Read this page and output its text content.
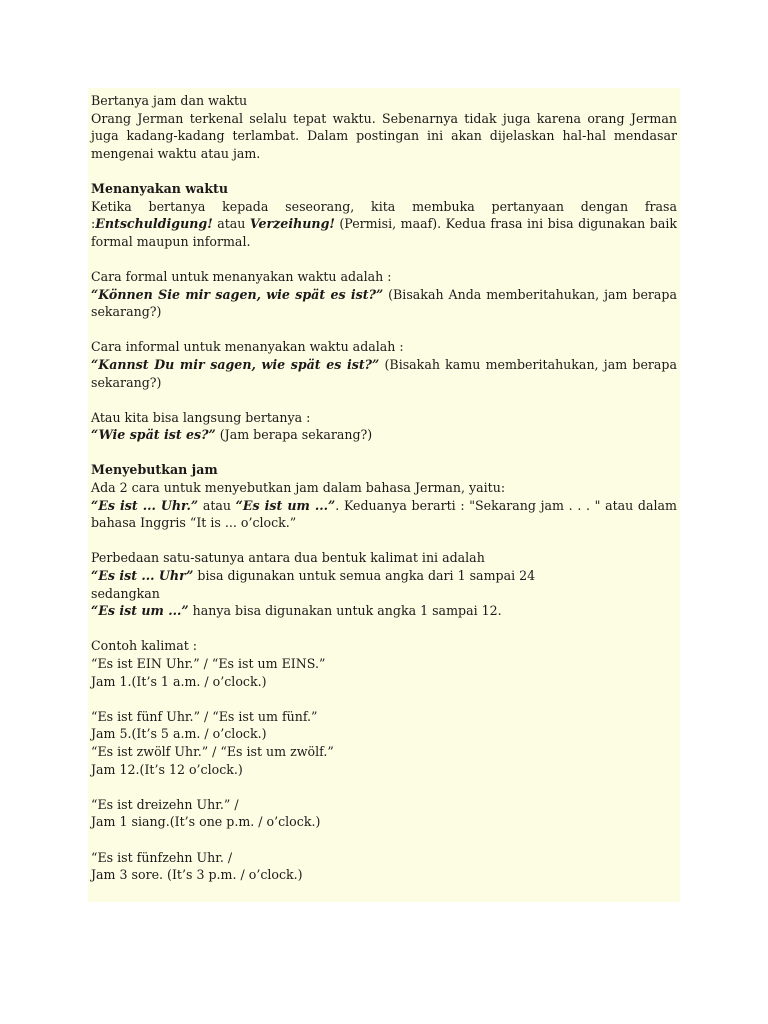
Bertanya jam dan waktu
Orang Jerman terkenal selalu tepat waktu. Sebenarnya tidak juga karena orang Jerman
juga kadang-kadang terlambat. Dalam postingan ini akan dijelaskan hal-hal mendasar
mengenai waktu atau jam.
Menanyakan waktu
Ketika bertanya kepada seseorang, kita membuka pertanyaan dengan frasa
:Entschuldigung! atau Verzeihung! (Permisi, maaf). Kedua frasa ini bisa digunakan baik
formal maupun informal.
Cara formal untuk menanyakan waktu adalah :
“Können Sie mir sagen, wie spät es ist?” (Bisakah Anda memberitahukan, jam berapa
sekarang?)
Cara informal untuk menanyakan waktu adalah :
“Kannst Du mir sagen, wie spät es ist?” (Bisakah kamu memberitahukan, jam berapa
sekarang?)
Atau kita bisa langsung bertanya :
“Wie spät ist es?” (Jam berapa sekarang?)
Menyebutkan jam
Ada 2 cara untuk menyebutkan jam dalam bahasa Jerman, yaitu:
“Es ist ... Uhr.” atau “Es ist um ...”. Keduanya berarti : "Sekarang jam . . . " atau dalam
bahasa Inggris “It is ... o’clock.”
Perbedaan satu-satunya antara dua bentuk kalimat ini adalah
“Es ist ... Uhr” bisa digunakan untuk semua angka dari 1 sampai 24
sedangkan
“Es ist um ...” hanya bisa digunakan untuk angka 1 sampai 12.
Contoh kalimat :
“Es ist EIN Uhr.” / “Es ist um EINS.”
Jam 1.(It’s 1 a.m. / o’clock.)
“Es ist fünf Uhr.” / “Es ist um fünf.”
Jam 5.(It’s 5 a.m. / o’clock.)
“Es ist zwölf Uhr.” / “Es ist um zwölf.”
Jam 12.(It’s 12 o’clock.)
“Es ist dreizehn Uhr.” /
Jam 1 siang.(It’s one p.m. / o’clock.)
“Es ist fünfzehn Uhr. /
Jam 3 sore. (It’s 3 p.m. / o’clock.)
